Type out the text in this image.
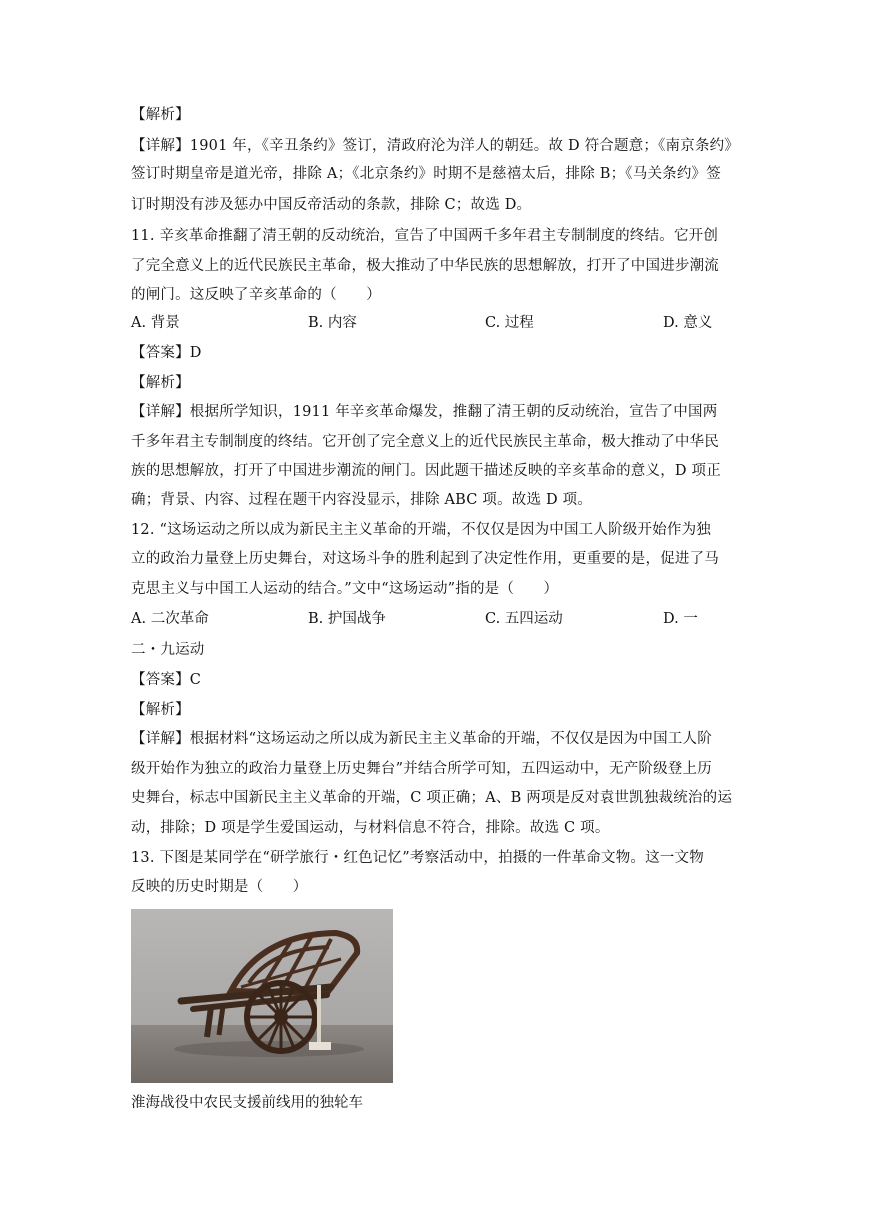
【解析】
【详解】1901 年，《辛丑条约》签订，清政府沦为洋人的朝廷。故 D 符合题意；《南京条约》
签订时期皇帝是道光帝，排除 A；《北京条约》时期不是慈禧太后，排除 B；《马关条约》签
订时期没有涉及惩办中国反帝活动的条款，排除 C；故选 D。
11. 辛亥革命推翻了清王朝的反动统治，宣告了中国两千多年君主专制制度的终结。它开创
了完全意义上的近代民族民主革命，极大推动了中华民族的思想解放，打开了中国进步潮流
的闸门。这反映了辛亥革命的（　　）
A. 背景	B. 内容	C. 过程	D. 意义
【答案】D
【解析】
【详解】根据所学知识，1911 年辛亥革命爆发，推翻了清王朝的反动统治，宣告了中国两
千多年君主专制制度的终结。它开创了完全意义上的近代民族民主革命，极大推动了中华民
族的思想解放，打开了中国进步潮流的闸门。因此题干描述反映的辛亥革命的意义，D 项正
确；背景、内容、过程在题干内容没显示，排除 ABC 项。故选 D 项。
12. “这场运动之所以成为新民主主义革命的开端，不仅仅是因为中国工人阶级开始作为独
立的政治力量登上历史舞台，对这场斗争的胜利起到了决定性作用，更重要的是，促进了马
克思主义与中国工人运动的结合。”文中“这场运动”指的是（　　）
A. 二次革命	B. 护国战争	C. 五四运动	D. 一
二・九运动
【答案】C
【解析】
【详解】根据材料“这场运动之所以成为新民主主义革命的开端，不仅仅是因为中国工人阶
级开始作为独立的政治力量登上历史舞台”并结合所学可知，五四运动中，无产阶级登上历
史舞台，标志中国新民主主义革命的开端，C 项正确；A、B 两项是反对袁世凯独裁统治的运
动，排除；D 项是学生爱国运动，与材料信息不符合，排除。故选 C 项。
13. 下图是某同学在“研学旅行・红色记忆”考察活动中，拍摄的一件革命文物。这一文物
反映的历史时期是（　　）
淮海战役中农民支援前线用的独轮车
